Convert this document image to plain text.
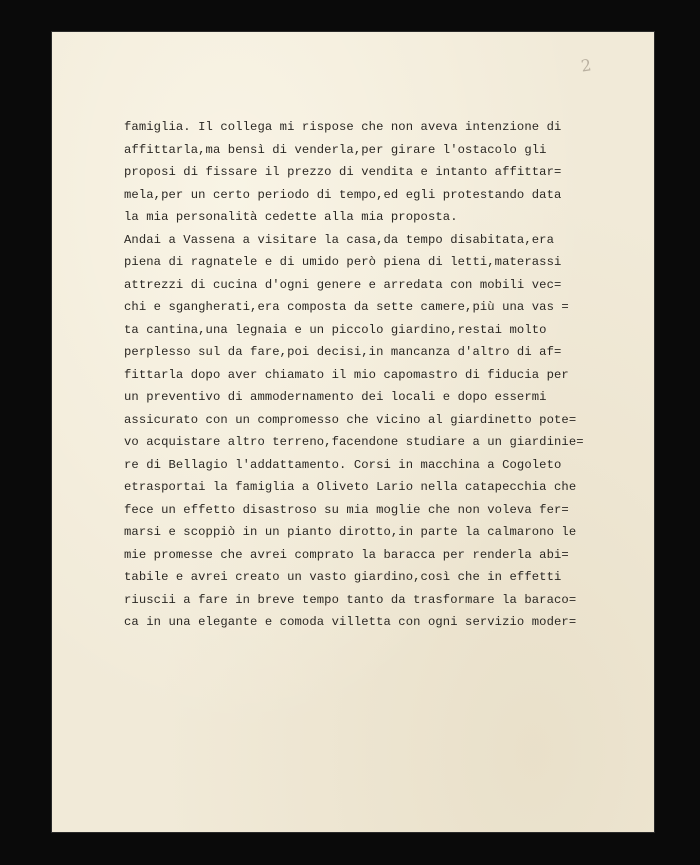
2
famiglia. Il collega mi rispose che non aveva intenzione di
affittarla,ma bensì di venderla,per girare l'ostacolo gli
proposi di fissare il prezzo di vendita e intanto affittar=
mela,per un certo periodo di tempo,ed egli protestando data
la mia personalità cedette alla mia proposta.
Andai a Vassena a visitare la casa,da tempo disabitata,era
piena di ragnatele e di umido però piena di letti,materassi
attrezzi di cucina d'ogni genere e arredata con mobili vec=
chi e sgangherati,era composta da sette camere,più una vas =
ta cantina,una legnaia e un piccolo giardino,restai molto
perplesso sul da fare,poi decisi,in mancanza d'altro di af=
fittarla dopo aver chiamato il mio capomastro di fiducia per
un preventivo di ammodernamento dei locali e dopo essermi
assicurato con un compromesso che vicino al giardinetto pote=
vo acquistare altro terreno,facendone studiare a un giardinie=
re di Bellagio l'addattamento. Corsi in macchina a Cogoleto
etrasportai la famiglia a Oliveto Lario nella catapecchia che
fece un effetto disastroso su mia moglie che non voleva fer=
marsi e scoppiò in un pianto dirotto,in parte la calmarono le
mie promesse che avrei comprato la baracca per renderla abi=
tabile e avrei creato un vasto giardino,così che in effetti
riuscii a fare in breve tempo tanto da trasformare la baraco=
ca in una elegante e comoda villetta con ogni servizio moder=
